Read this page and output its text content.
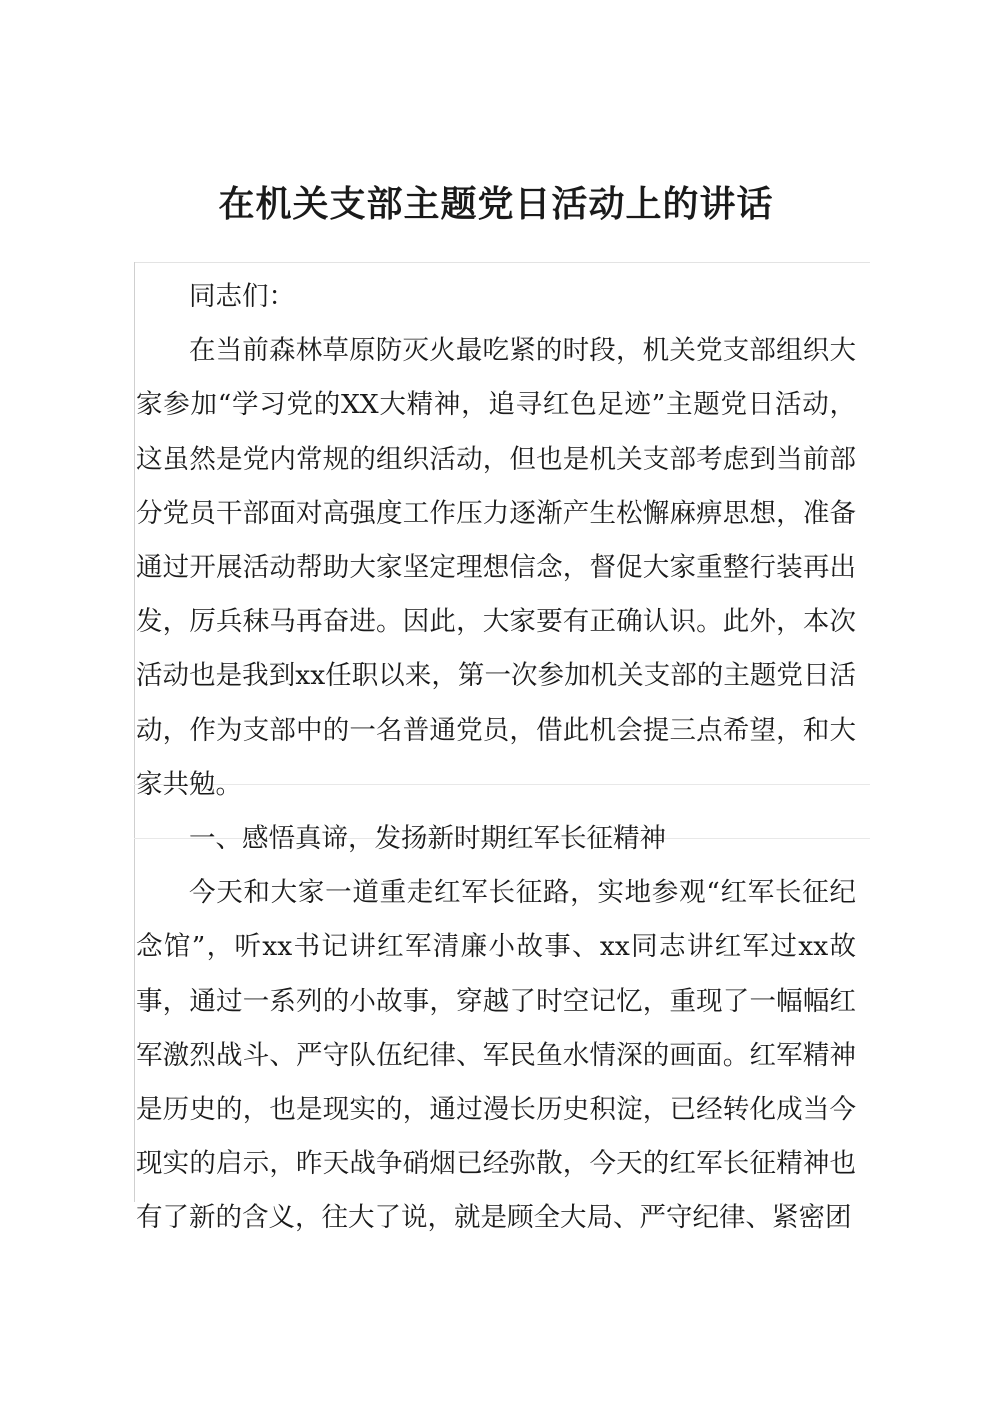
在机关支部主题党日活动上的讲话

同志们：

在当前森林草原防灭火最吃紧的时段，机关党支部组织大家参加“学习党的XX大精神，追寻红色足迹”主题党日活动，这虽然是党内常规的组织活动，但也是机关支部考虑到当前部分党员干部面对高强度工作压力逐渐产生松懈麻痹思想，准备通过开展活动帮助大家坚定理想信念，督促大家重整行装再出发，厉兵秣马再奋进。因此，大家要有正确认识。此外，本次活动也是我到xx任职以来，第一次参加机关支部的主题党日活动，作为支部中的一名普通党员，借此机会提三点希望，和大家共勉。

一、感悟真谛，发扬新时期红军长征精神

今天和大家一道重走红军长征路，实地参观“红军长征纪念馆”，听xx书记讲红军清廉小故事、xx同志讲红军过xx故事，通过一系列的小故事，穿越了时空记忆，重现了一幅幅红军激烈战斗、严守队伍纪律、军民鱼水情深的画面。红军精神是历史的，也是现实的，通过漫长历史积淀，已经转化成当今现实的启示，昨天战争硝烟已经弥散，今天的红军长征精神也有了新的含义，往大了说，就是顾全大局、严守纪律、紧密团
